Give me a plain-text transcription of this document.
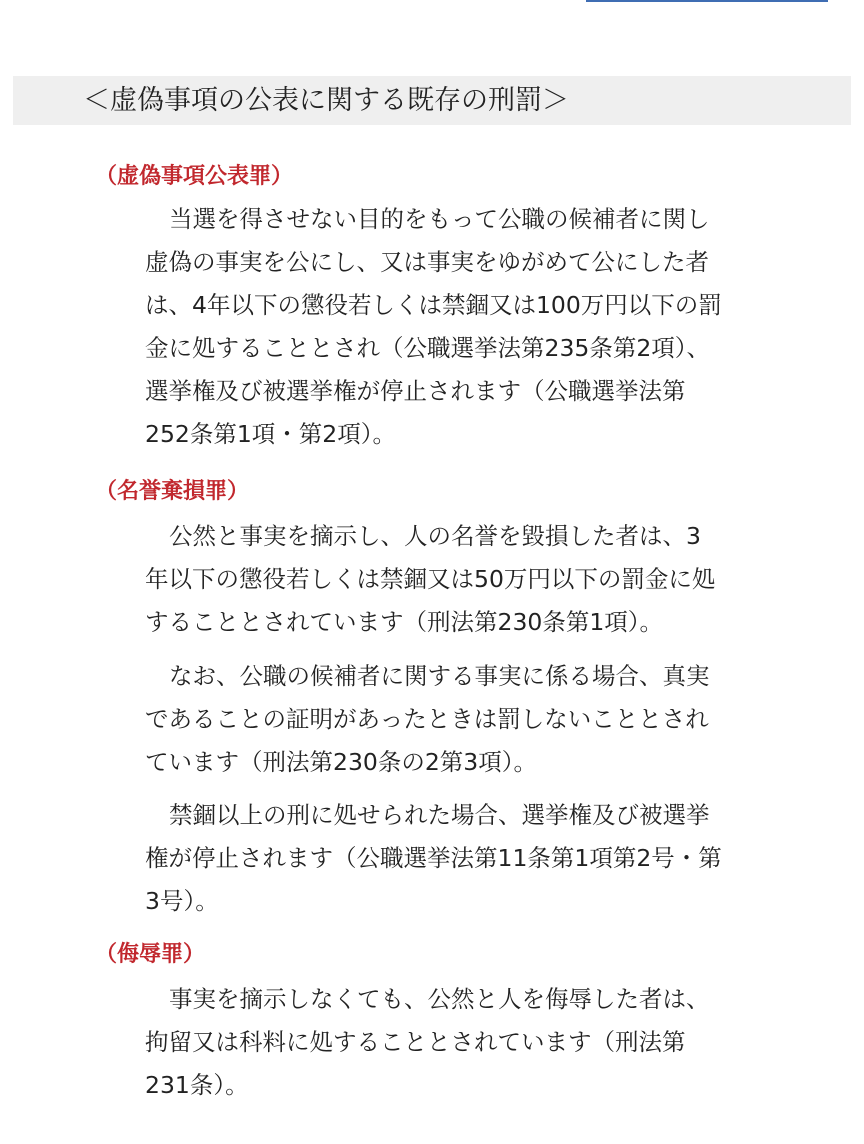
＜虚偽事項の公表に関する既存の刑罰＞
（虚偽事項公表罪）

当選を得させない目的をもって公職の候補者に関し
虚偽の事実を公にし、又は事実をゆがめて公にした者
は、4年以下の懲役若しくは禁錮又は100万円以下の罰
金に処することとされ（公職選挙法第235条第2項）、
選挙権及び被選挙権が停止されます（公職選挙法第
252条第1項・第2項）。

（名誉棄損罪）

公然と事実を摘示し、人の名誉を毀損した者は、3
年以下の懲役若しくは禁錮又は50万円以下の罰金に処
することとされています（刑法第230条第1項）。

なお、公職の候補者に関する事実に係る場合、真実
であることの証明があったときは罰しないこととされ
ています（刑法第230条の2第3項）。

禁錮以上の刑に処せられた場合、選挙権及び被選挙
権が停止されます（公職選挙法第11条第1項第2号・第
3号）。

（侮辱罪）

事実を摘示しなくても、公然と人を侮辱した者は、
拘留又は科料に処することとされています（刑法第
231条）。
